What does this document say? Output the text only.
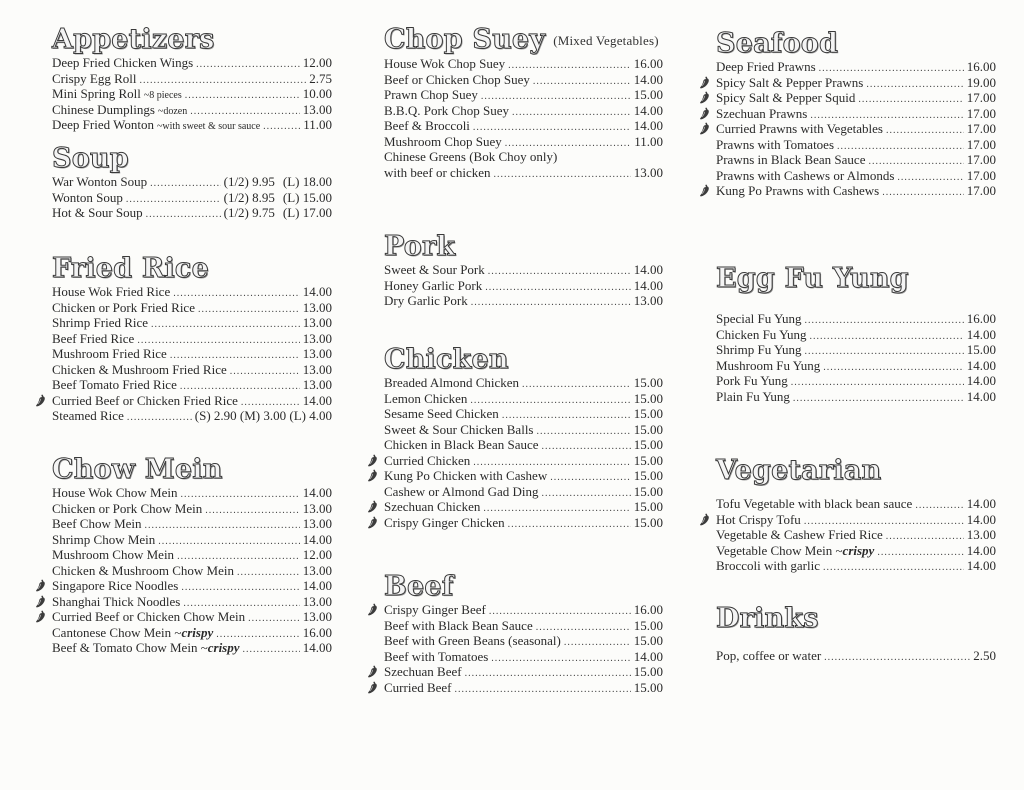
Appetizers
Deep Fried Chicken Wings .....	12.00
Crispy Egg Roll .....	2.75
Mini Spring Roll ~8 pieces .....	10.00
Chinese Dumplings ~dozen .....	13.00
Deep Fried Wonton ~with sweet & sour sauce .....	11.00
Soup
War Wonton Soup .....	(1/2) 9.95 (L) 18.00
Wonton Soup .....	(1/2) 8.95 (L) 15.00
Hot & Sour Soup .....	(1/2) 9.75 (L) 17.00
Fried Rice
House Wok Fried Rice .....	14.00
Chicken or Pork Fried Rice .....	13.00
Shrimp Fried Rice .....	13.00
Beef Fried Rice .....	13.00
Mushroom Fried Rice .....	13.00
Chicken & Mushroom Fried Rice .....	13.00
Beef Tomato Fried Rice .....	13.00
Curried Beef or Chicken Fried Rice .....	14.00
Steamed Rice .....	(S) 2.90 (M) 3.00 (L) 4.00
Chow Mein
House Wok Chow Mein .....	14.00
Chicken or Pork Chow Mein .....	13.00
Beef Chow Mein .....	13.00
Shrimp Chow Mein .....	14.00
Mushroom Chow Mein .....	12.00
Chicken & Mushroom Chow Mein .....	13.00
Singapore Rice Noodles .....	14.00
Shanghai Thick Noodles .....	13.00
Curried Beef or Chicken Chow Mein .....	13.00
Cantonese Chow Mein ~ crispy .....	16.00
Beef & Tomato Chow Mein ~ crispy .....	14.00
Chop Suey $^{(Mixed Vegetables)}$
House Wok Chop Suey .....	16.00
Beef or Chicken Chop Suey .....	14.00
Prawn Chop Suey .....	15.00
B.B.Q. Pork Chop Suey .....	14.00
Beef & Broccoli .....	14.00
Mushroom Chop Suey .....	11.00
Chinese Greens (Bok Choy only)
with beef or chicken .....	13.00
Pork
Sweet & Sour Pork .....	14.00
Honey Garlic Pork .....	14.00
Dry Garlic Pork .....	13.00
Chicken
Breaded Almond Chicken .....	15.00
Lemon Chicken .....	15.00
Sesame Seed Chicken .....	15.00
Sweet & Sour Chicken Balls .....	15.00
Chicken in Black Bean Sauce .....	15.00
Curried Chicken .....	15.00
Kung Po Chicken with Cashew .....	15.00
Cashew or Almond Gad Ding .....	15.00
Szechuan Chicken .....	15.00
Crispy Ginger Chicken .....	15.00
Beef
Crispy Ginger Beef .....	16.00
Beef with Black Bean Sauce .....	15.00
Beef with Green Beans (seasonal) .....	15.00
Beef with Tomatoes .....	14.00
Szechuan Beef .....	15.00
Curried Beef .....	15.00
Seafood
Deep Fried Prawns .....	16.00
Spicy Salt & Pepper Prawns .....	19.00
Spicy Salt & Pepper Squid .....	17.00
Szechuan Prawns .....	17.00
Curried Prawns with Vegetables .....	17.00
Prawns with Tomatoes .....	17.00
Prawns in Black Bean Sauce .....	17.00
Prawns with Cashews or Almonds .....	17.00
Kung Po Prawns with Cashews .....	17.00
Egg Fu Yung
Special Fu Yung .....	16.00
Chicken Fu Yung .....	14.00
Shrimp Fu Yung .....	15.00
Mushroom Fu Yung .....	14.00
Pork Fu Yung .....	14.00
Plain Fu Yung .....	14.00
Vegetarian
Tofu Vegetable with black bean sauce .....	14.00
Hot Crispy Tofu .....	14.00
Vegetable & Cashew Fried Rice .....	13.00
Vegetable Chow Mein ~ crispy .....	14.00
Broccoli with garlic .....	14.00
Drinks
Pop, coffee or water .....	2.50
